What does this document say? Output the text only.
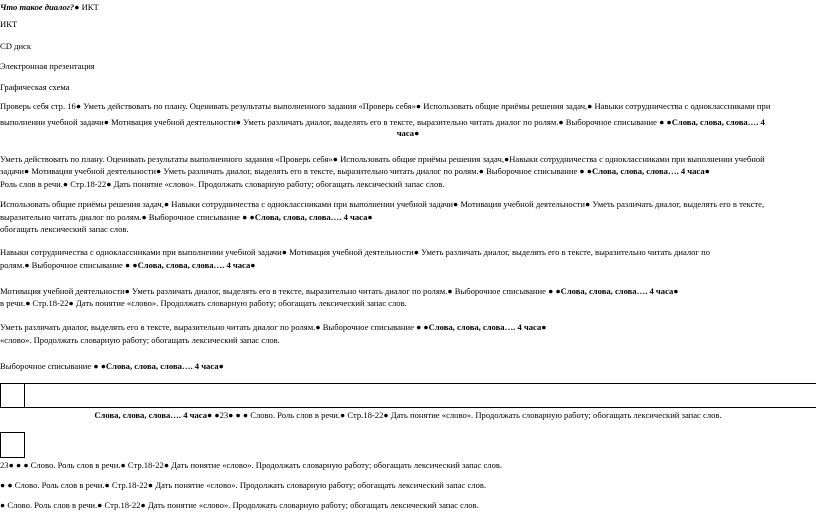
Что такое диалог?● ИКТ
ИКТ
CD диск
Электронная презентация
Графическая схема
Проверь себя стр. 16● Уметь действовать по плану. Оценивать результаты выполненного задания «Проверь себя»● Использовать общие приёмы решения задач,● Навыки сотрудничества с одноклассниками при
выполнении учебной задачи● Мотивация учебной деятельности● Уметь различать диалог, выделять его в тексте, выразительно читать диалог по ролям.● Выборочное списывание ● ●Слова, слова, слова…. 4
часа●
Уметь действовать по плану. Оценивать результаты выполненного задания «Проверь себя»● Использовать общие приёмы решения задач,●Навыки сотрудничества с одноклассниками при выполнении учебной
задачи● Мотивация учебной деятельности● Уметь различать диалог, выделять его в тексте, выразительно читать диалог по ролям.● Выборочное списывание ● ●Слова, слова, слова…. 4 часа●
Роль слов в речи.● Стр.18-22● Дать понятие «слово». Продолжать словарную работу; обогащать лексический запас слов.
Использовать общие приёмы решения задач,● Навыки сотрудничества с одноклассниками при выполнении учебной задачи● Мотивация учебной деятельности● Уметь различать диалог, выделять его в тексте,
выразительно читать диалог по ролям.● Выборочное списывание ● ●Слова, слова, слова…. 4 часа●
обогащать лексический запас слов.
Навыки сотрудничества с одноклассниками при выполнении учебной задачи● Мотивация учебной деятельности● Уметь различать диалог, выделять его в тексте, выразительно читать диалог по
ролям.● Выборочное списывание ● ●Слова, слова, слова…. 4 часа●
Мотивация учебной деятельности● Уметь различать диалог, выделять его в тексте, выразительно читать диалог по ролям.● Выборочное списывание ● ●Слова, слова, слова…. 4 часа●
в речи.● Стр.18-22● Дать понятие «слово». Продолжать словарную работу; обогащать лексический запас слов.
Уметь различать диалог, выделять его в тексте, выразительно читать диалог по ролям.● Выборочное списывание ● ●Слова, слова, слова…. 4 часа●
«слово». Продолжать словарную работу; обогащать лексический запас слов.
Выборочное списывание ● ●Слова, слова, слова…. 4 часа●
Слова, слова, слова…. 4 часа● ●23● ● ● Слово. Роль слов в речи.● Стр.18-22● Дать понятие «слово». Продолжать словарную работу; обогащать лексический запас слов.
23● ● ● Слово. Роль слов в речи.● Стр.18-22● Дать понятие «слово». Продолжать словарную работу; обогащать лексический запас слов.
● ● Слово. Роль слов в речи.● Стр.18-22● Дать понятие «слово». Продолжать словарную работу; обогащать лексический запас слов.
● Слово. Роль слов в речи.● Стр.18-22● Дать понятие «слово». Продолжать словарную работу; обогащать лексический запас слов.
